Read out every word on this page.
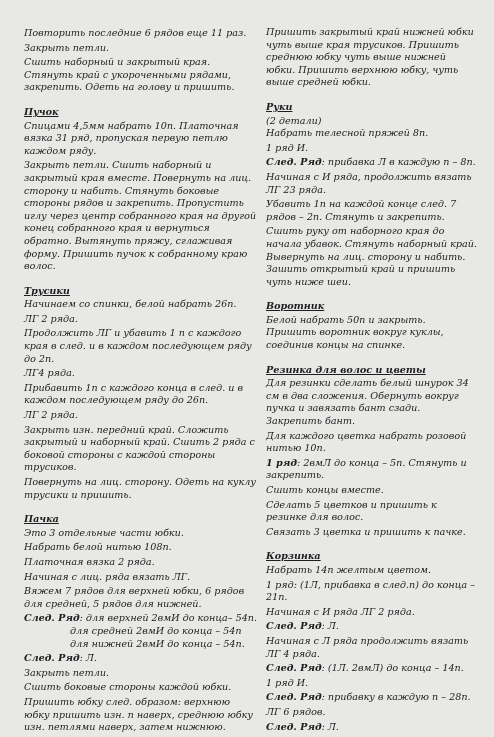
Повторить последние 6 рядов еще 11 раз.

Закрыть петли.

Сшить наборный и закрытый края. Стянуть край с укороченными рядами, закрепить. Одеть на голову и пришить.

Пучок

Спицами 4,5мм набрать 10п. Платочная вязка 31 ряд, пропуская первую петлю каждом ряду.

Закрыть петли. Сшить наборный и закрытый края вместе. Повернуть на лиц. сторону и набить. Стянуть боковые стороны рядов и закрепить. Пропустить иглу через центр собранного края на другой конец собранного края и вернуться обратно. Вытянуть пряжу, сглаживая форму. Пришить пучок к собранному краю волос.

Трусики

Начинаем со спинки, белой набрать 26п.

ЛГ 2 ряда.

Продолжить ЛГ и убавить 1 п с каждого края в след. и в каждом последующем ряду до 2п.

ЛГ4 ряда.

Прибавить 1п с каждого конца в след. и в каждом последующем ряду до 26п.

ЛГ 2 ряда.

Закрыть изн. передний край. Сложить закрытый и наборный край. Сшить 2 ряда с боковой стороны с каждой стороны трусиков.

Повернуть на лиц. сторону. Одеть на куклу трусики и пришить.

Пачка

Это 3 отдельные части юбки.

Набрать белой нитью 108п.

Платочная вязка 2 ряда.

Начиная с лиц. ряда вязать ЛГ.

Вяжем 7 рядов для верхней юбки, 6 рядов для средней, 5 рядов для нижней.

След. Ряд: для верхней 2вмИ до конца– 54п.

для средней 2вмИ до конца – 54п

для нижней 2вмИ до конца – 54п.

След. Ряд: Л.

Закрыть петли.

Сшить боковые стороны каждой юбки.

Пришить юбку след. образом: верхнюю юбку пришить изн. п наверх, среднюю юбку изн. петлями наверх, затем нижнюю.

Пришить закрытый край нижней юбки чуть выше края трусиков. Пришить среднюю юбку чуть выше нижней юбки. Пришить верхнюю юбку, чуть выше средней юбки.

Руки

(2 детали)

Набрать телесной пряжей 8п.

1 ряд И.

След. Ряд: прибавка Л в каждую п – 8п.

Начиная с И ряда, продолжить вязать ЛГ 23 ряда.

Убавить 1п на каждой конце след. 7 рядов – 2п. Стянуть и закрепить.

Сшить руку от наборного края до начала убавок. Стянуть наборный край. Вывернуть на лиц. сторону и набить. Зашить открытый край и пришить чуть ниже шеи.

Воротник

Белой набрать 50п и закрыть. Пришить воротник вокруг куклы, соединив концы на спинке.

Резинка для волос и цветы

Для резинки сделать белый шнурок 34 см в два сложения. Обернуть вокруг пучка и завязать бант сзади. Закрепить бант.

Для каждого цветка набрать розовой нитью 10п.

1 ряд: 2вмЛ до конца – 5п. Стянуть и закрепить.

Сшить концы вместе.

Сделать 5 цветков и пришить к резинке для волос.

Связать 3 цветка и пришить к пачке.

Корзинка

Набрать 14п желтым цветом.

1 ряд: (1Л, прибавка в след.п) до конца – 21п.

Начиная с И ряда ЛГ 2 ряда.

След. Ряд: Л.

Начиная с Л ряда продолжить вязать ЛГ 4 ряда.

След. Ряд: (1Л. 2вмЛ) до конца – 14п.

1 ряд И.

След. Ряд: прибавку в каждую п – 28п.

ЛГ 6 рядов.

След. Ряд: Л.
